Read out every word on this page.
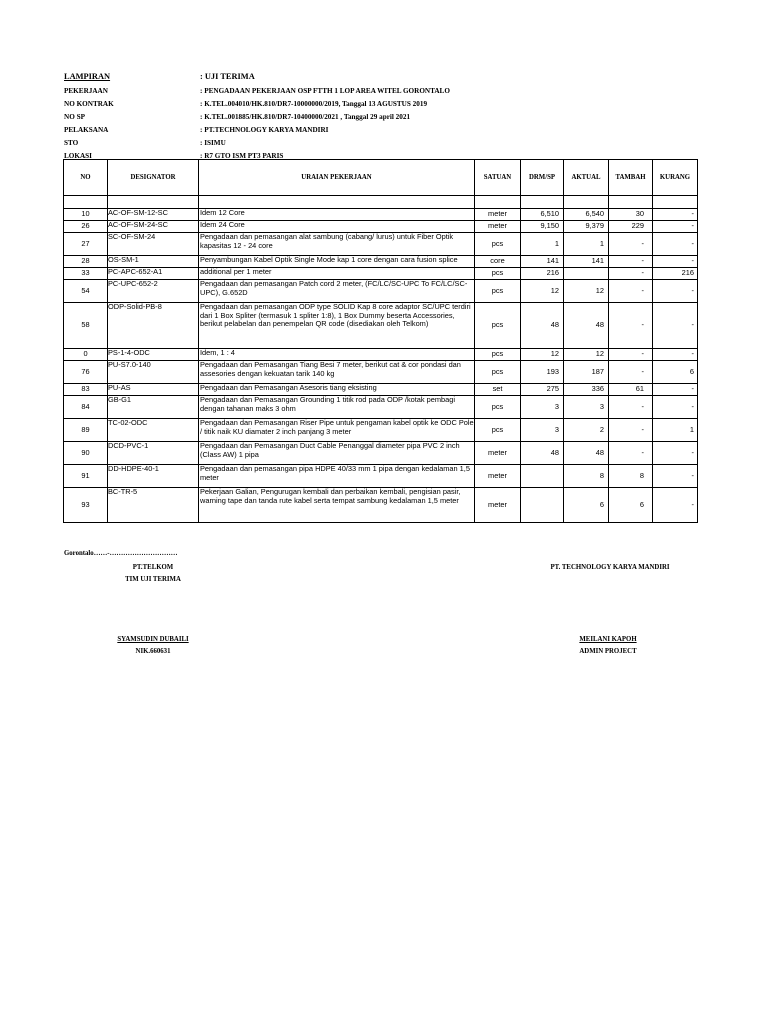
LAMPIRAN	: UJI TERIMA
PEKERJAAN	: PENGADAAN PEKERJAAN OSP FTTH 1 LOP AREA WITEL GORONTALO
NO KONTRAK	: K.TEL.004010/HK.810/DR7-10000000/2019, Tanggal 13 AGUSTUS 2019
NO SP	: K.TEL.001885/HK.810/DR7-10400000/2021 , Tanggal 29 april 2021
PELAKSANA	: PT.TECHNOLOGY KARYA MANDIRI
STO	: ISIMU
LOKASI	: R7 GTO ISM PT3 PARIS
NO	DESIGNATOR	URAIAN PEKERJAAN	SATUAN	DRM/SP	AKTUAL	TAMBAH	KURANG

10	AC-OF-SM-12-SC	Idem 12 Core	meter	6,510	6,540	30	-
26	AC-OF-SM-24-SC	Idem 24 Core	meter	9,150	9,379	229	-
27	SC-OF-SM-24	Pengadaan dan pemasangan alat sambung (cabang/ lurus) untuk Fiber Optik kapasitas 12 - 24 core	pcs	1	1	-	-
28	OS-SM-1	Penyambungan Kabel Optik Single Mode kap 1 core dengan cara fusion splice	core	141	141	-	-
33	PC-APC-652-A1	additional per 1 meter	pcs	216		-	216
54	PC-UPC-652-2	Pengadaan dan pemasangan Patch cord 2 meter, (FC/LC/SC-UPC To FC/LC/SC-UPC), G.652D	pcs	12	12	-	-
58	ODP-Solid-PB-8	Pengadaan dan pemasangan ODP type SOLID Kap 8 core adaptor SC/UPC terdiri dari 1 Box Spliter (termasuk 1 spliter 1:8), 1 Box Dummy beserta Accessories, berikut pelabelan dan penempelan QR code (disediakan oleh Telkom)	pcs	48	48	-	-
0	PS-1-4-ODC	Idem, 1 : 4	pcs	12	12	-	-
76	PU-S7.0-140	Pengadaan dan Pemasangan Tiang Besi 7 meter, berikut cat & cor pondasi dan assesories dengan kekuatan tarik 140 kg	pcs	193	187	-	6
83	PU-AS	Pengadaan dan Pemasangan Asesoris tiang eksisting	set	275	336	61	-
84	GB-G1	Pengadaan dan Pemasangan Grounding 1 titik rod pada ODP /kotak pembagi dengan tahanan maks 3 ohm	pcs	3	3	-	-
89	TC-02-ODC	Pengadaan dan Pemasangan Riser Pipe untuk pengaman kabel optik ke ODC Pole / titik naik KU diamater 2 inch panjang 3 meter	pcs	3	2	-	1
90	DCD-PVC-1	Pengadaan dan Pemasangan Duct Cable Penanggal diameter pipa PVC 2 inch (Class AW) 1 pipa	meter	48	48	-	-
91	DD-HDPE-40-1	Pengadaan dan pemasangan pipa HDPE 40/33 mm 1 pipa dengan kedalaman 1,5 meter	meter		8	8	-
93	BC-TR-5	Pekerjaan Galian, Pengurugan kembali dan perbaikan kembali, pengisian pasir, warning tape dan tanda rute kabel serta tempat sambung kedalaman 1,5 meter	meter		6	6	-
Gorontalo……-…………………………
PT.TELKOM
TIM UJI TERIMA
PT. TECHNOLOGY KARYA MANDIRI
SYAMSUDIN DUBAILI
NIK.660631
MEILANI KAPOH
ADMIN PROJECT
